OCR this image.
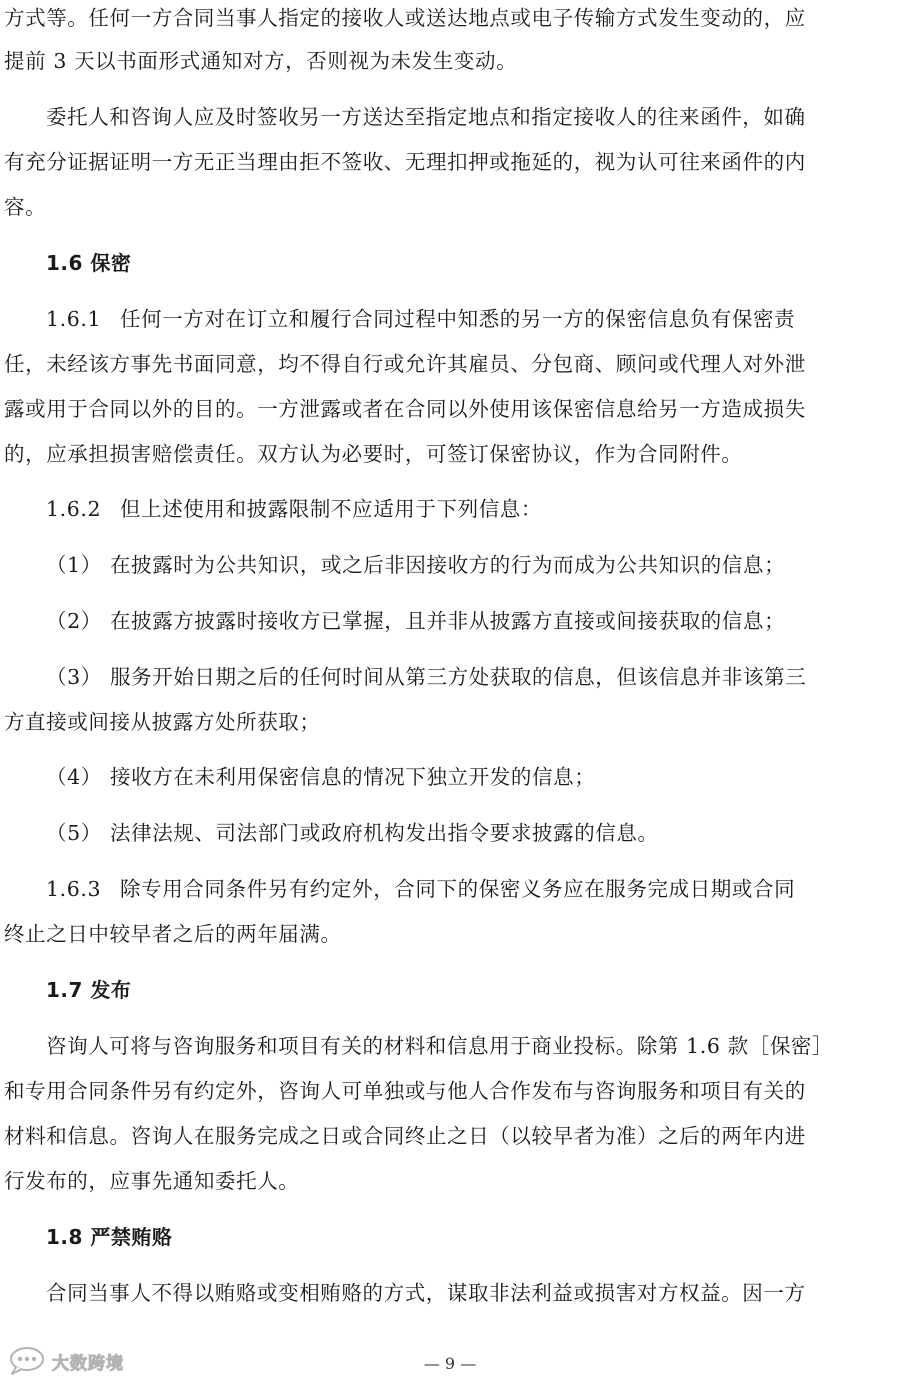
方式等。任何一方合同当事人指定的接收人或送达地点或电子传输方式发生变动的，应
提前 3 天以书面形式通知对方，否则视为未发生变动。
委托人和咨询人应及时签收另一方送达至指定地点和指定接收人的往来函件，如确
有充分证据证明一方无正当理由拒不签收、无理扣押或拖延的，视为认可往来函件的内
容。
1.6 保密
1.6.1 任何一方对在订立和履行合同过程中知悉的另一方的保密信息负有保密责
任，未经该方事先书面同意，均不得自行或允许其雇员、分包商、顾问或代理人对外泄
露或用于合同以外的目的。一方泄露或者在合同以外使用该保密信息给另一方造成损失
的，应承担损害赔偿责任。双方认为必要时，可签订保密协议，作为合同附件。
1.6.2 但上述使用和披露限制不应适用于下列信息：
（1） 在披露时为公共知识，或之后非因接收方的行为而成为公共知识的信息；
（2） 在披露方披露时接收方已掌握，且并非从披露方直接或间接获取的信息；
（3） 服务开始日期之后的任何时间从第三方处获取的信息，但该信息并非该第三
方直接或间接从披露方处所获取；
（4） 接收方在未利用保密信息的情况下独立开发的信息；
（5） 法律法规、司法部门或政府机构发出指令要求披露的信息。
1.6.3 除专用合同条件另有约定外，合同下的保密义务应在服务完成日期或合同
终止之日中较早者之后的两年届满。
1.7 发布
咨询人可将与咨询服务和项目有关的材料和信息用于商业投标。除第 1.6 款［保密］
和专用合同条件另有约定外，咨询人可单独或与他人合作发布与咨询服务和项目有关的
材料和信息。咨询人在服务完成之日或合同终止之日（以较早者为准）之后的两年内进
行发布的，应事先通知委托人。
1.8 严禁贿赂
合同当事人不得以贿赂或变相贿赂的方式，谋取非法利益或损害对方权益。因一方
— 9 —
大数跨境
